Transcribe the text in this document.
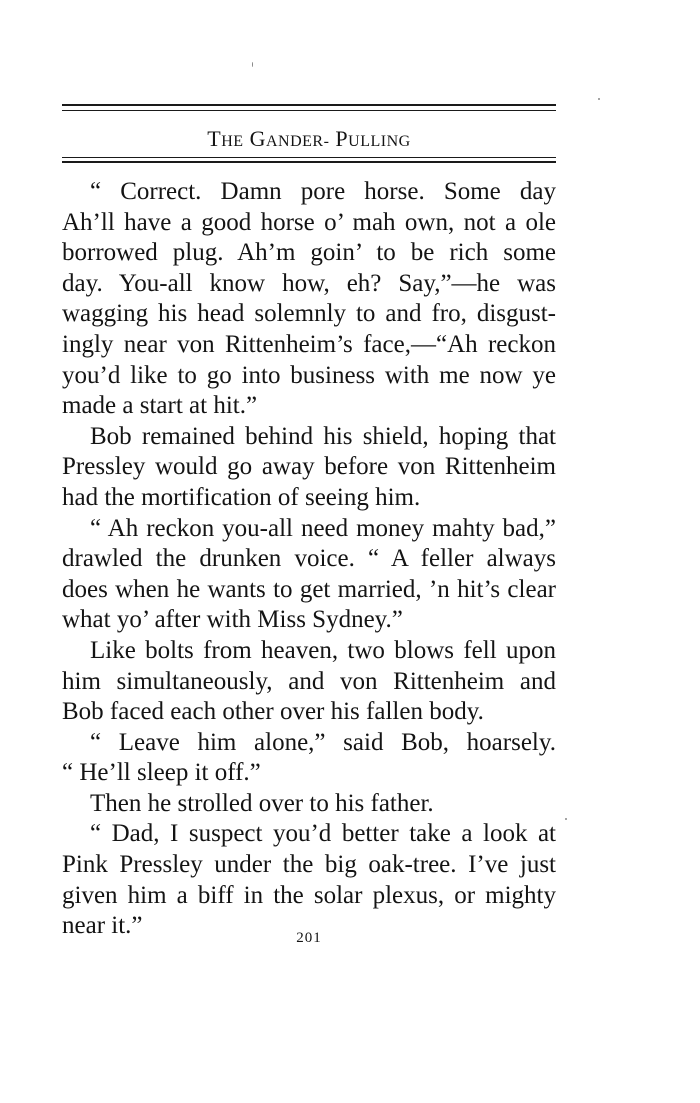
THE GANDER- PULLING
“ Correct. Damn pore horse. Some day
Ah’ll have a good horse o’ mah own, not a ole
borrowed plug. Ah’m goin’ to be rich some
day. You-all know how, eh? Say,”—he was
wagging his head solemnly to and fro, disgust-
ingly near von Rittenheim’s face,—“Ah reckon
you’d like to go into business with me now ye
made a start at hit.”
Bob remained behind his shield, hoping that
Pressley would go away before von Rittenheim
had the mortification of seeing him.
“ Ah reckon you-all need money mahty bad,”
drawled the drunken voice. “ A feller always
does when he wants to get married, ’n hit’s clear
what yo’ after with Miss Sydney.”
Like bolts from heaven, two blows fell upon
him simultaneously, and von Rittenheim and
Bob faced each other over his fallen body.
“ Leave him alone,” said Bob, hoarsely.
“ He’ll sleep it off.”
Then he strolled over to his father.
“ Dad, I suspect you’d better take a look at
Pink Pressley under the big oak-tree. I’ve just
given him a biff in the solar plexus, or mighty
near it.”	201
